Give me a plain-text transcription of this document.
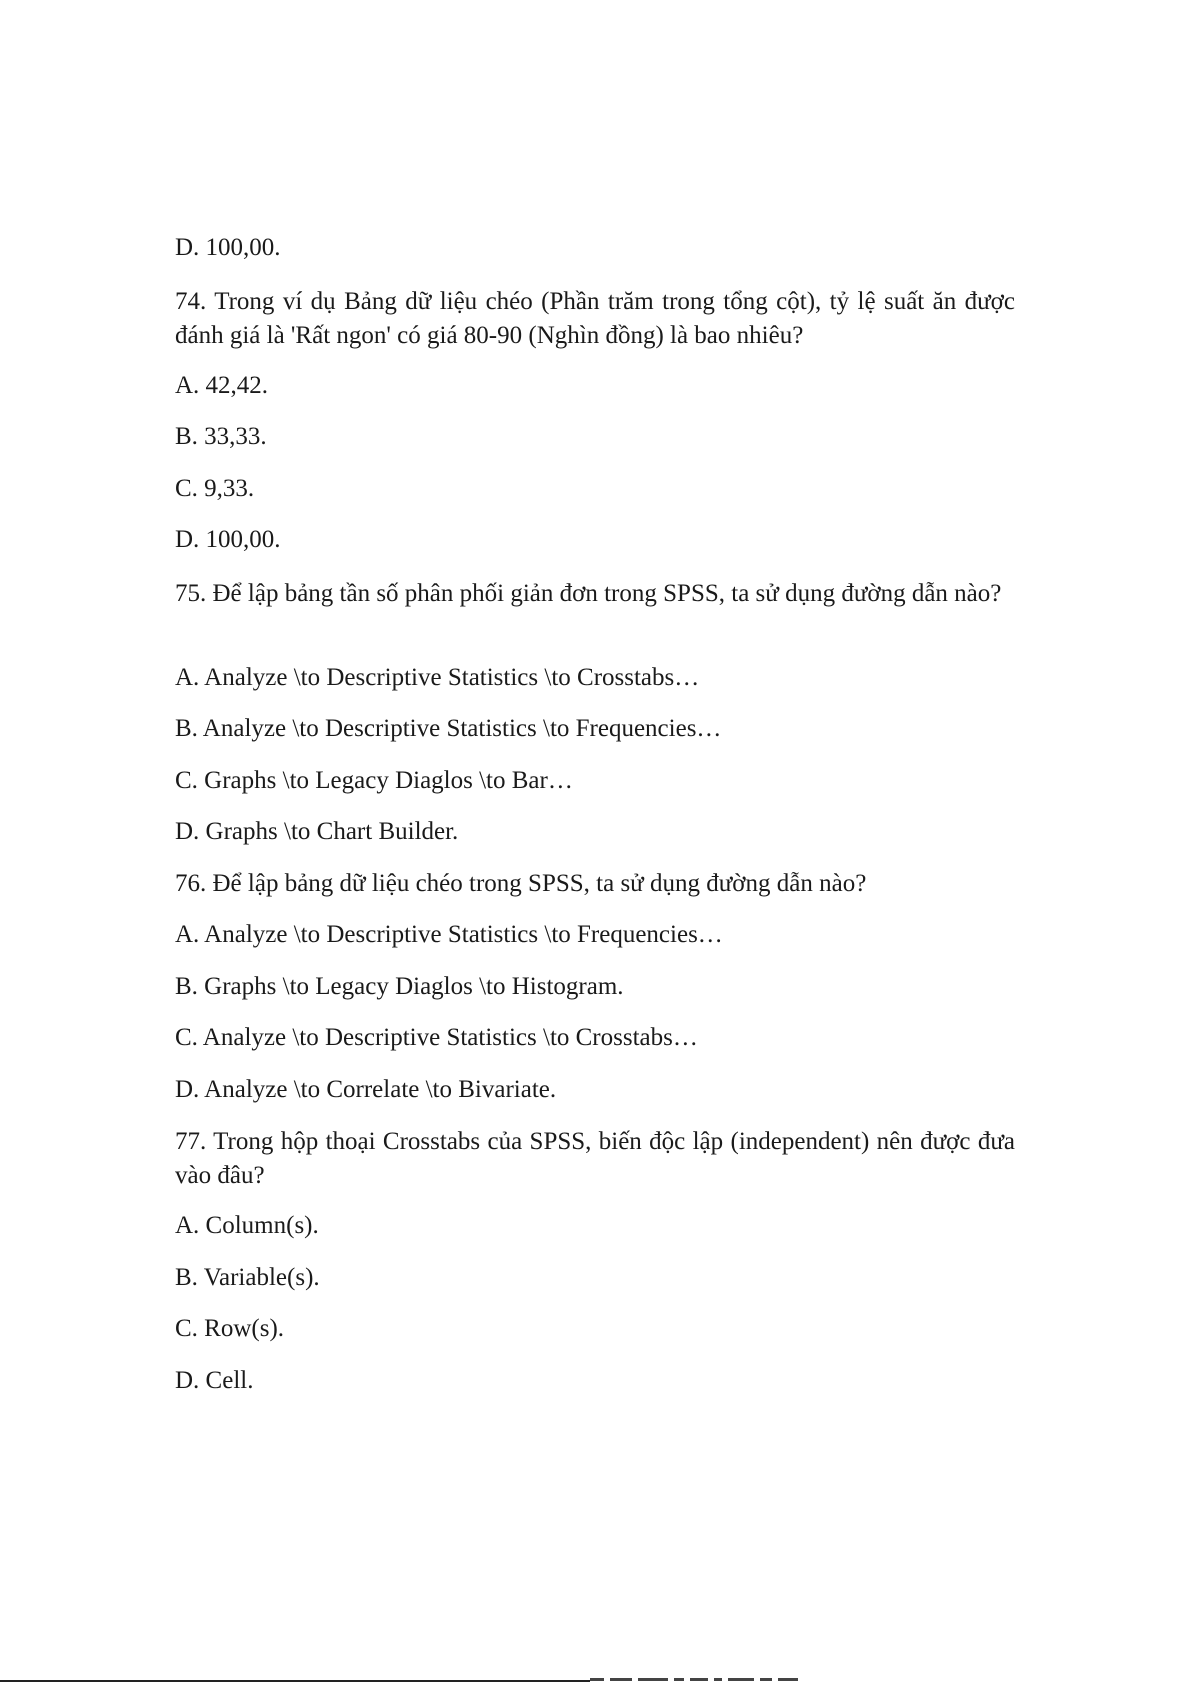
D. 100,00.
74. Trong ví dụ Bảng dữ liệu chéo (Phần trăm trong tổng cột), tỷ lệ suất ăn được đánh giá là 'Rất ngon' có giá 80-90 (Nghìn đồng) là bao nhiêu?
A. 42,42.
B. 33,33.
C. 9,33.
D. 100,00.
75. Để lập bảng tần số phân phối giản đơn trong SPSS, ta sử dụng đường dẫn nào?
A. Analyze \to Descriptive Statistics \to Crosstabs…
B. Analyze \to Descriptive Statistics \to Frequencies…
C. Graphs \to Legacy Diaglos \to Bar…
D. Graphs \to Chart Builder.
76. Để lập bảng dữ liệu chéo trong SPSS, ta sử dụng đường dẫn nào?
A. Analyze \to Descriptive Statistics \to Frequencies…
B. Graphs \to Legacy Diaglos \to Histogram.
C. Analyze \to Descriptive Statistics \to Crosstabs…
D. Analyze \to Correlate \to Bivariate.
77. Trong hộp thoại Crosstabs của SPSS, biến độc lập (independent) nên được đưa vào đâu?
A. Column(s).
B. Variable(s).
C. Row(s).
D. Cell.
